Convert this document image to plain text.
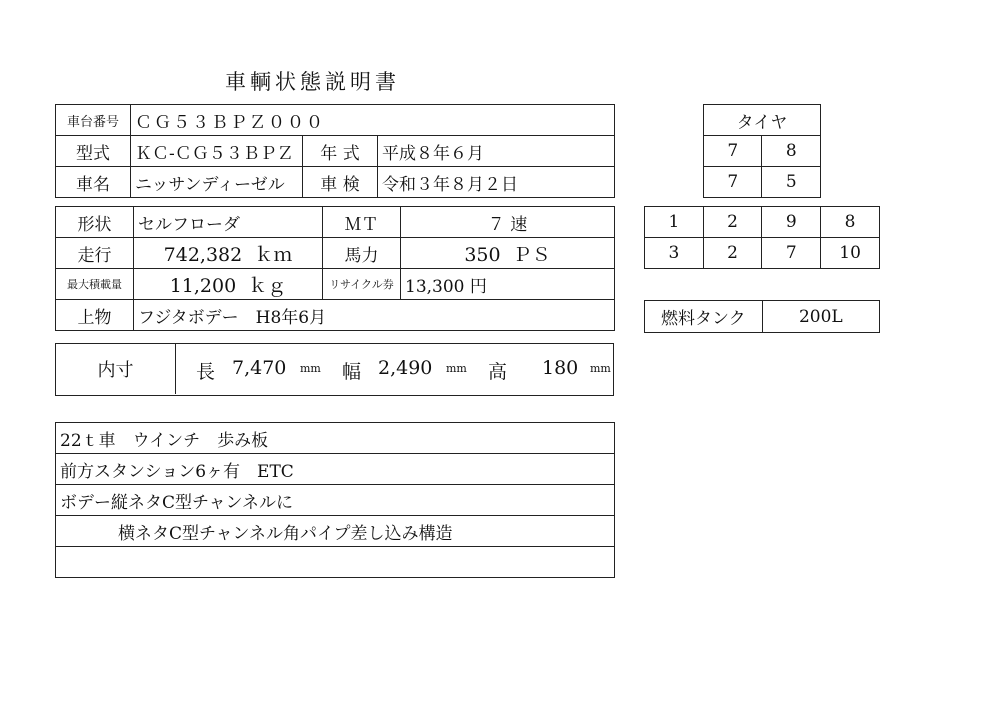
車輌状態説明書
車台番号	ＣＧ５３ＢＰＺ０００		
型式	ＫＣ-ＣＧ５３ＢＰＺ	年 式	平成８年６月
車名	ニッサンディーゼル	車 検	令和３年８月２日
形状	セルフローダ	ＭＴ	７ 速
走行	742,382 ｋｍ	馬力	350 ＰＳ
最大積載量	11,200 ｋｇ	リサイクル券	13,300 円
上物	フジタボデー　H8年6月		
内寸	長 7,470 mm 幅 2,490 mm 高 180 mm
22ｔ車　ウインチ　歩み板
前方スタンション6ヶ有　ETC
ボデー縦ネタC型チャンネルに
横ネタC型チャンネル角パイプ差し込み構造

タイヤ	
7	8
7	5
1	2	9	8
3	2	7	10
燃料タンク	200L
